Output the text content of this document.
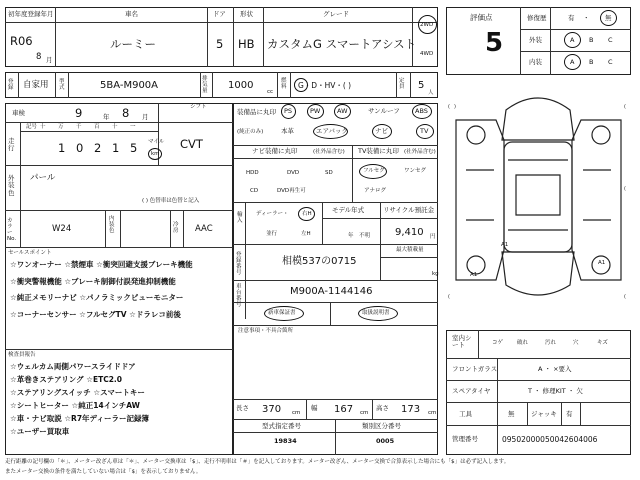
初年度登録年月
R06
8 月
車名
ルーミー
ドア
5
形状
HB
グレード
カスタムG スマートアシスト
2WD
4WD
登録 自家用 型式	5BA-M900A
排気量
1000
cc
燃料	G・D・HV・( )	定員 5
人
車検	9	年 8 月
シフト
CVT
走行
記号 十 万 千 百 十 一
1 0 2 1 5 マイル
km
外装色
パール
( ) 色替車は色替と記入
カラー No.
W24
内装色
冷房 AAC
セールスポイント
☆ワンオーナー ☆禁煙車 ☆衝突回避支援ブレーキ機能
☆衝突警報機能 ☆ブレーキ制御付誤発進抑制機能
☆純正メモリーナビ ☆パノラミックビューモニター
☆コーナーセンサー ☆フルセグTV ☆ドラレコ前後
検査員報告
☆ウェルカム両側パワースライドドア
☆革巻きステアリング ☆ETC2.0
☆ステアリングスイッチ ☆スマートキー
☆シートヒーター ☆純正14インチAW
☆車・ナビ取説 ☆R7年ディーラー記録簿
☆ユーザー買取車
装備品に丸印
(純正のみ)
PS	PW	AW	サンルーフ ABS
本革	エアバック	ナビ	TV
ナビ装備に丸印	(社外品含む)
HDD	DVD	SD
CD	DVD再生可
TV装備に丸印 (社外品含む)
フルセグ	ワンセグ
アナログ
輸入
ディーラー・
並行
右H
左H
モデル年式
年　不明
リサイクル預託金
9,410 円
最大積載量
kg
登録番号
相模537の0715
車台番号
M900A-1144146
新車保証書	取扱説明書
注意事項・不具合箇所
長さ 370 cm
幅 167 cm
高さ 173 cm
型式指定番号
19834
類別区分番号
0005
評価点
5
修復歴	有 ・ 無
外装	A B C
内装	A B C
( )	(
(
(	(
A1
A1
A1
室内シート	コゲ	破れ	汚れ	穴	キズ
フロントガラス	A ・ ×要入
スペアタイヤ	T ・ 修理KIT ・ 欠
工具	無	ジャッキ 有
管理番号	09502000050042604006
走行距離の記号欄の「＊」、メーター改ざん車は「＊」、メーター交換車は「$」、走行不明車は「＃」を記入しております。メーター改ざん、メーター交換で合算表示した場合にも「$」は必ず記入します。
またメーター交換の条件を満たしていない場合は「$」を表示しておりません。
